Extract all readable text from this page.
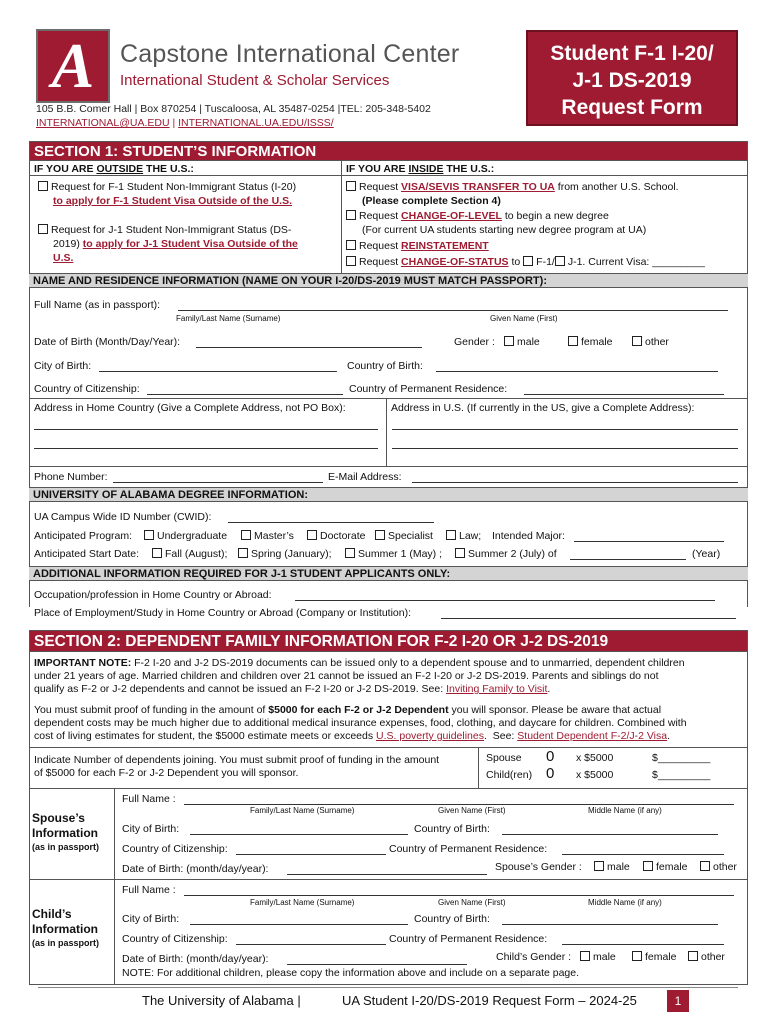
A	Capstone International Center
International Student & Scholar Services
105 B.B. Comer Hall | Box 870254 | Tuscaloosa, AL 35487-0254 |TEL: 205-348-5402
INTERNATIONAL@UA.EDU | INTERNATIONAL.UA.EDU/ISSS/
Student F-1 I-20/
J-1 DS-2019
Request Form
SECTION 1: STUDENT’S INFORMATION
IF YOU ARE OUTSIDE THE U.S.:	IF YOU ARE INSIDE THE U.S.:
Request for F-1 Student Non-Immigrant Status (I-20)
to apply for F-1 Student Visa Outside of the U.S.
Request for J-1 Student Non-Immigrant Status (DS-
2019) to apply for J-1 Student Visa Outside of the
U.S.
Request VISA/SEVIS TRANSFER TO UA from another U.S. School.
(Please complete Section 4)
Request CHANGE-OF-LEVEL to begin a new degree
(For current UA students starting new degree program at UA)
Request REINSTATEMENT
Request CHANGE-OF-STATUS to F-1/ J-1. Current Visa: _________
NAME AND RESIDENCE INFORMATION (NAME ON YOUR I-20/DS-2019 MUST MATCH PASSPORT):
Full Name (as in passport):
Family/Last Name (Surname)	Given Name (First)
Date of Birth (Month/Day/Year):	Gender :	male	female	other
City of Birth:	Country of Birth:
Country of Citizenship:	Country of Permanent Residence:
Address in Home Country (Give a Complete Address, not PO Box):	Address in U.S. (If currently in the US, give a Complete Address):
Phone Number:	E-Mail Address:
UNIVERSITY OF ALABAMA DEGREE INFORMATION:
UA Campus Wide ID Number (CWID):
Anticipated Program:	Undergraduate	Master’s	Doctorate	Specialist	Law; Intended Major:
Anticipated Start Date:	Fall (August);	Spring (January);	Summer 1 (May) ;	Summer 2 (July) of	(Year)
ADDITIONAL INFORMATION REQUIRED FOR J-1 STUDENT APPLICANTS ONLY:
Occupation/profession in Home Country or Abroad:
Place of Employment/Study in Home Country or Abroad (Company or Institution):
SECTION 2: DEPENDENT FAMILY INFORMATION FOR F-2 I-20 OR J-2 DS-2019
IMPORTANT NOTE: F-2 I-20 and J-2 DS-2019 documents can be issued only to a dependent spouse and to unmarried, dependent children
under 21 years of age. Married children and children over 21 cannot be issued an F-2 I-20 or J-2 DS-2019. Parents and siblings do not
qualify as F-2 or J-2 dependents and cannot be issued an F-2 I-20 or J-2 DS-2019. See: Inviting Family to Visit.
You must submit proof of funding in the amount of $5000 for each F-2 or J-2 Dependent you will sponsor. Please be aware that actual
dependent costs may be much higher due to additional medical insurance expenses, food, clothing, and daycare for children. Combined with
cost of living estimates for student, the $5000 estimate meets or exceeds U.S. poverty guidelines.  See: Student Dependent F-2/J-2 Visa.
Indicate Number of dependents joining. You must submit proof of funding in the amount
of $5000 for each F-2 or J-2 Dependent you will sponsor.
Spouse 0 x $5000	$_________
Child(ren) 0 x $5000	$_________
Spouse’s
Information
(as in passport)
Full Name :
Family/Last Name (Surname)	Given Name (First)	Middle Name (if any)
City of Birth:	Country of Birth:
Country of Citizenship:	Country of Permanent Residence:
Date of Birth: (month/day/year):	Spouse’s Gender :	male	female	other
Child’s
Information
(as in passport)
Full Name :
Family/Last Name (Surname)	Given Name (First)	Middle Name (if any)
City of Birth:	Country of Birth:
Country of Citizenship:	Country of Permanent Residence:
Date of Birth: (month/day/year):	Child’s Gender :	male	female	other
NOTE: For additional children, please copy the information above and include on a separate page.
The University of Alabama |	UA Student I-20/DS-2019 Request Form – 2024-25	1
